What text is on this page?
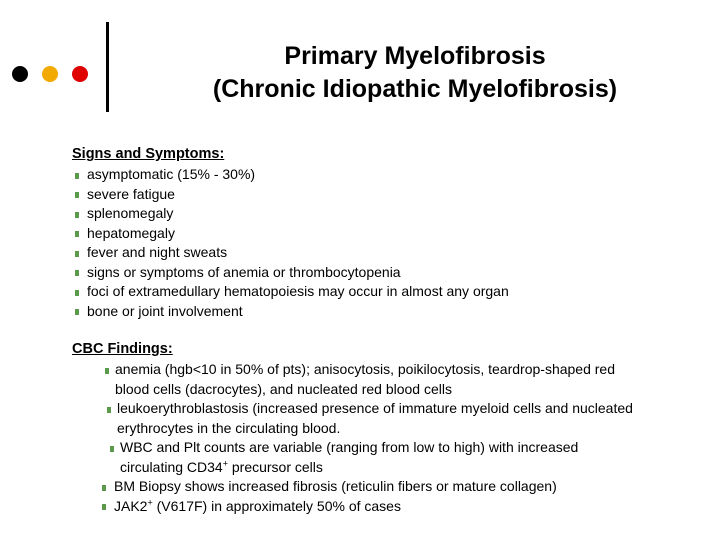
Primary Myelofibrosis
(Chronic Idiopathic Myelofibrosis)
Signs and Symptoms:
asymptomatic (15% - 30%)
severe fatigue
splenomegaly
hepatomegaly
fever and night sweats
signs or symptoms of anemia or thrombocytopenia
foci of extramedullary hematopoiesis may occur in almost any organ
bone or joint involvement
CBC Findings:
anemia (hgb<10 in 50% of pts); anisocytosis, poikilocytosis, teardrop-shaped red blood cells (dacrocytes), and nucleated red blood cells
leukoerythroblastosis (increased presence of immature myeloid cells and nucleated erythrocytes in the circulating blood.
WBC and Plt counts are variable (ranging from low to high) with increased circulating CD34+ precursor cells
BM Biopsy shows increased fibrosis (reticulin fibers or mature collagen)
JAK2+ (V617F) in approximately 50% of cases
